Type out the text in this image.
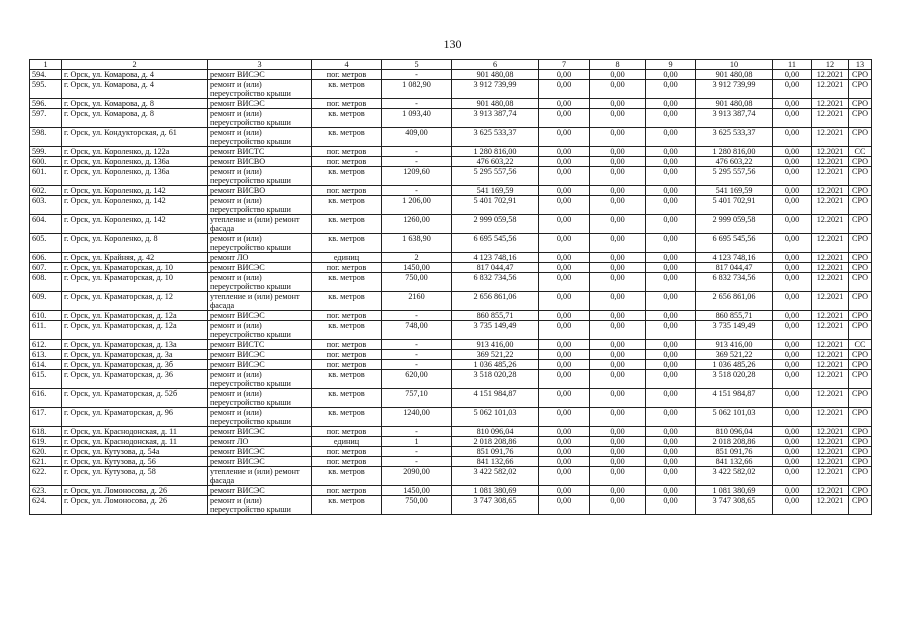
130
1	2	3	4	5	6	7	8	9	10	11	12	13
594.	г. Орск, ул. Комарова, д. 4	ремонт ВИСЭС	пог. метров	-	901 480,08	0,00	0,00	0,00	901 480,08	0,00	12.2021	СРО
595.	г. Орск, ул. Комарова, д. 4	ремонт и (или) переустройство крыши	кв. метров	1 082,90	3 912 739,99	0,00	0,00	0,00	3 912 739,99	0,00	12.2021	СРО
596.	г. Орск, ул. Комарова, д. 8	ремонт ВИСЭС	пог. метров	-	901 480,08	0,00	0,00	0,00	901 480,08	0,00	12.2021	СРО
597.	г. Орск, ул. Комарова, д. 8	ремонт и (или) переустройство крыши	кв. метров	1 093,40	3 913 387,74	0,00	0,00	0,00	3 913 387,74	0,00	12.2021	СРО
598.	г. Орск, ул. Кондукторская, д. 61	ремонт и (или) переустройство крыши	кв. метров	409,00	3 625 533,37	0,00	0,00	0,00	3 625 533,37	0,00	12.2021	СРО
599.	г. Орск, ул. Короленко, д. 122а	ремонт ВИСТС	пог. метров	-	1 280 816,00	0,00	0,00	0,00	1 280 816,00	0,00	12.2021	СС
600.	г. Орск, ул. Короленко, д. 136а	ремонт ВИСВО	пог. метров	-	476 603,22	0,00	0,00	0,00	476 603,22	0,00	12.2021	СРО
601.	г. Орск, ул. Короленко, д. 136а	ремонт и (или) переустройство крыши	кв. метров	1209,60	5 295 557,56	0,00	0,00	0,00	5 295 557,56	0,00	12.2021	СРО
602.	г. Орск, ул. Короленко, д. 142	ремонт ВИСВО	пог. метров	-	541 169,59	0,00	0,00	0,00	541 169,59	0,00	12.2021	СРО
603.	г. Орск, ул. Короленко, д. 142	ремонт и (или) переустройство крыши	кв. метров	1 206,00	5 401 702,91	0,00	0,00	0,00	5 401 702,91	0,00	12.2021	СРО
604.	г. Орск, ул. Короленко, д. 142	утепление и (или) ремонт фасада	кв. метров	1260,00	2 999 059,58	0,00	0,00	0,00	2 999 059,58	0,00	12.2021	СРО
605.	г. Орск, ул. Короленко, д. 8	ремонт и (или) переустройство крыши	кв. метров	1 638,90	6 695 545,56	0,00	0,00	0,00	6 695 545,56	0,00	12.2021	СРО
606.	г. Орск, ул. Крайняя, д. 42	ремонт ЛО	единиц	2	4 123 748,16	0,00	0,00	0,00	4 123 748,16	0,00	12.2021	СРО
607.	г. Орск, ул. Краматорская, д. 10	ремонт ВИСЭС	пог. метров	1450,00	817 044,47	0,00	0,00	0,00	817 044,47	0,00	12.2021	СРО
608.	г. Орск, ул. Краматорская, д. 10	ремонт и (или) переустройство крыши	кв. метров	750,00	6 832 734,56	0,00	0,00	0,00	6 832 734,56	0,00	12.2021	СРО
609.	г. Орск, ул. Краматорская, д. 12	утепление и (или) ремонт фасада	кв. метров	2160	2 656 861,06	0,00	0,00	0,00	2 656 861,06	0,00	12.2021	СРО
610.	г. Орск, ул. Краматорская, д. 12а	ремонт ВИСЭС	пог. метров	-	860 855,71	0,00	0,00	0,00	860 855,71	0,00	12.2021	СРО
611.	г. Орск, ул. Краматорская, д. 12а	ремонт и (или) переустройство крыши	кв. метров	748,00	3 735 149,49	0,00	0,00	0,00	3 735 149,49	0,00	12.2021	СРО
612.	г. Орск, ул. Краматорская, д. 13а	ремонт ВИСТС	пог. метров	-	913 416,00	0,00	0,00	0,00	913 416,00	0,00	12.2021	СС
613.	г. Орск, ул. Краматорская, д. 3а	ремонт ВИСЭС	пог. метров	-	369 521,22	0,00	0,00	0,00	369 521,22	0,00	12.2021	СРО
614.	г. Орск, ул. Краматорская, д. 3б	ремонт ВИСЭС	пог. метров	-	1 036 485,26	0,00	0,00	0,00	1 036 485,26	0,00	12.2021	СРО
615.	г. Орск, ул. Краматорская, д. 36	ремонт и (или) переустройство крыши	кв. метров	620,00	3 518 020,28	0,00	0,00	0,00	3 518 020,28	0,00	12.2021	СРО
616.	г. Орск, ул. Краматорская, д. 52б	ремонт и (или) переустройство крыши	кв. метров	757,10	4 151 984,87	0,00	0,00	0,00	4 151 984,87	0,00	12.2021	СРО
617.	г. Орск, ул. Краматорская, д. 96	ремонт и (или) переустройство крыши	кв. метров	1240,00	5 062 101,03	0,00	0,00	0,00	5 062 101,03	0,00	12.2021	СРО
618.	г. Орск, ул. Краснодонская, д. 11	ремонт ВИСЭС	пог. метров	-	810 096,04	0,00	0,00	0,00	810 096,04	0,00	12.2021	СРО
619.	г. Орск, ул. Краснодонская, д. 11	ремонт ЛО	единиц	1	2 018 208,86	0,00	0,00	0,00	2 018 208,86	0,00	12.2021	СРО
620.	г. Орск, ул. Кутузова, д. 54а	ремонт ВИСЭС	пог. метров	-	851 091,76	0,00	0,00	0,00	851 091,76	0,00	12.2021	СРО
621.	г. Орск, ул. Кутузова, д. 56	ремонт ВИСЭС	пог. метров	-	841 132,66	0,00	0,00	0,00	841 132,66	0,00	12.2021	СРО
622.	г. Орск, ул. Кутузова, д. 58	утепление и (или) ремонт фасада	кв. метров	2090,00	3 422 582,02	0,00	0,00	0,00	3 422 582,02	0,00	12.2021	СРО
623.	г. Орск, ул. Ломоносова, д. 26	ремонт ВИСЭС	пог. метров	1450,00	1 081 380,69	0,00	0,00	0,00	1 081 380,69	0,00	12.2021	СРО
624.	г. Орск, ул. Ломоносова, д. 26	ремонт и (или) переустройство крыши	кв. метров	750,00	3 747 308,65	0,00	0,00	0,00	3 747 308,65	0,00	12.2021	СРО
